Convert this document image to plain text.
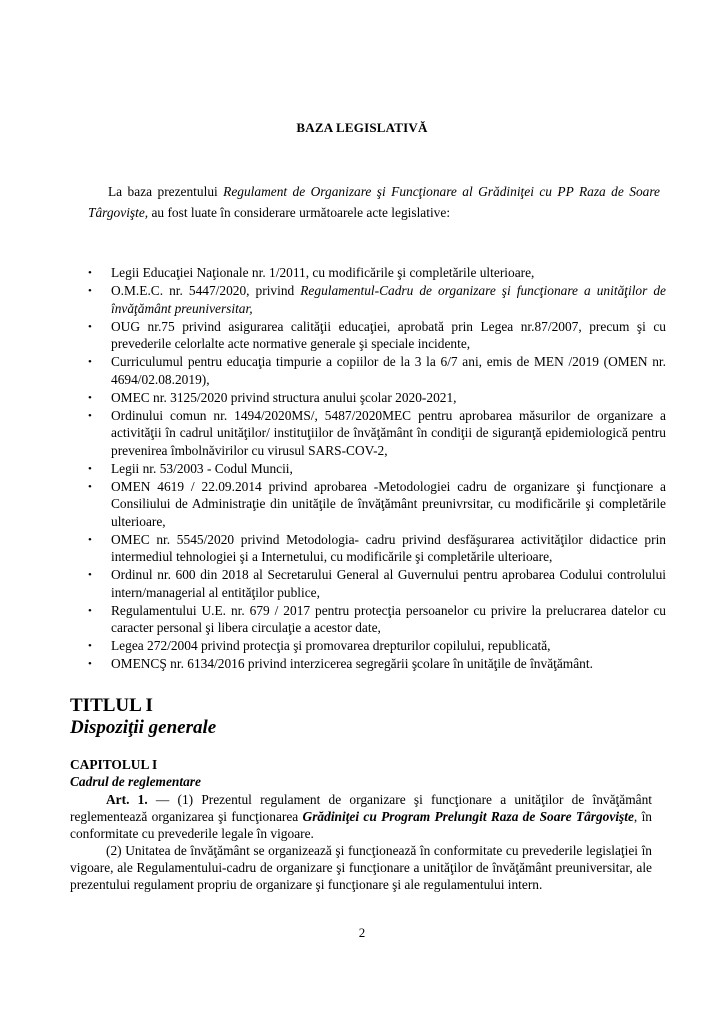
BAZA LEGISLATIVĂ
La baza prezentului Regulament de Organizare şi Funcţionare al Grădiniţei cu PP Raza de Soare Târgovişte, au fost luate în considerare următoarele acte legislative:
• Legii Educaţiei Naţionale nr. 1/2011, cu modificările şi completările ulterioare,
• O.M.E.C. nr. 5447/2020, privind Regulamentul-Cadru de organizare şi funcţionare a unităţilor de învăţământ preuniversitar,
• OUG nr.75 privind asigurarea calităţii educaţiei, aprobată prin Legea nr.87/2007, precum şi cu prevederile celorlalte acte normative generale şi speciale incidente,
• Curriculumul pentru educaţia timpurie a copiilor de la 3 la 6/7 ani, emis de MEN /2019 (OMEN nr. 4694/02.08.2019),
• OMEC nr. 3125/2020 privind structura anului şcolar 2020-2021,
• Ordinului comun nr. 1494/2020MS/, 5487/2020MEC pentru aprobarea măsurilor de organizare a activităţii în cadrul unităţilor/ instituţiilor de învăţământ în condiţii de siguranţă epidemiologică pentru prevenirea îmbolnăvirilor cu virusul SARS-COV-2,
• Legii nr. 53/2003 - Codul Muncii,
• OMEN 4619 / 22.09.2014 privind aprobarea -Metodologiei cadru de organizare şi funcţionare a Consiliului de Administraţie din unităţile de învăţământ preunivrsitar, cu modificările şi completările ulterioare,
• OMEC nr. 5545/2020 privind Metodologia- cadru privind desfăşurarea activităţilor didactice prin intermediul tehnologiei şi a Internetului, cu modificările şi completările ulterioare,
• Ordinul nr. 600 din 2018 al Secretarului General al Guvernului pentru aprobarea Codului controlului intern/managerial al entităţilor publice,
• Regulamentului U.E. nr. 679 / 2017 pentru protecţia persoanelor cu privire la prelucrarea datelor cu caracter personal şi libera circulaţie a acestor date,
• Legea 272/2004 privind protecţia şi promovarea drepturilor copilului, republicată,
• OMENCŞ nr. 6134/2016 privind interzicerea segregării şcolare în unităţile de învăţământ.
TITLUL I
Dispoziţii generale
CAPITOLUL I
Cadrul de reglementare

Art. 1. — (1) Prezentul regulament de organizare şi funcţionare a unităţilor de învăţământ reglementează organizarea şi funcţionarea Grădiniţei cu Program Prelungit Raza de Soare Târgovişte, în conformitate cu prevederile legale în vigoare.

(2) Unitatea de învăţământ se organizează şi funcţionează în conformitate cu prevederile legislaţiei în vigoare, ale Regulamentului-cadru de organizare şi funcţionare a unităţilor de învăţământ preuniversitar, ale prezentului regulament propriu de organizare şi funcţionare şi ale regulamentului intern.

2
